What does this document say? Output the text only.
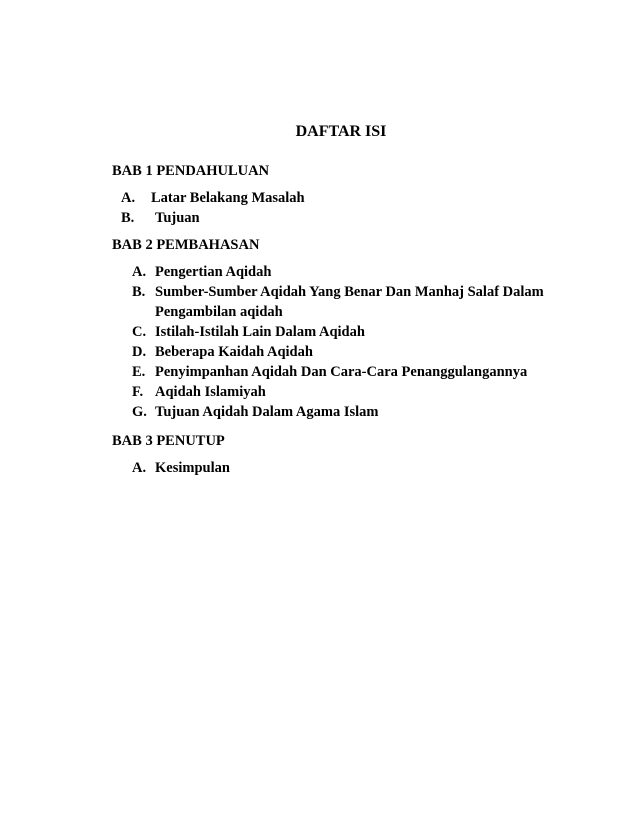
DAFTAR ISI
BAB 1 PENDAHULUAN
A. Latar Belakang Masalah
B. Tujuan
BAB 2 PEMBAHASAN
A. Pengertian Aqidah
B. Sumber-Sumber Aqidah Yang Benar Dan Manhaj Salaf Dalam
Pengambilan aqidah
C. Istilah-Istilah Lain Dalam Aqidah
D. Beberapa Kaidah Aqidah
E. Penyimpanhan Aqidah Dan Cara-Cara Penanggulangannya
F. Aqidah Islamiyah
G. Tujuan Aqidah Dalam Agama Islam
BAB 3 PENUTUP
A. Kesimpulan
